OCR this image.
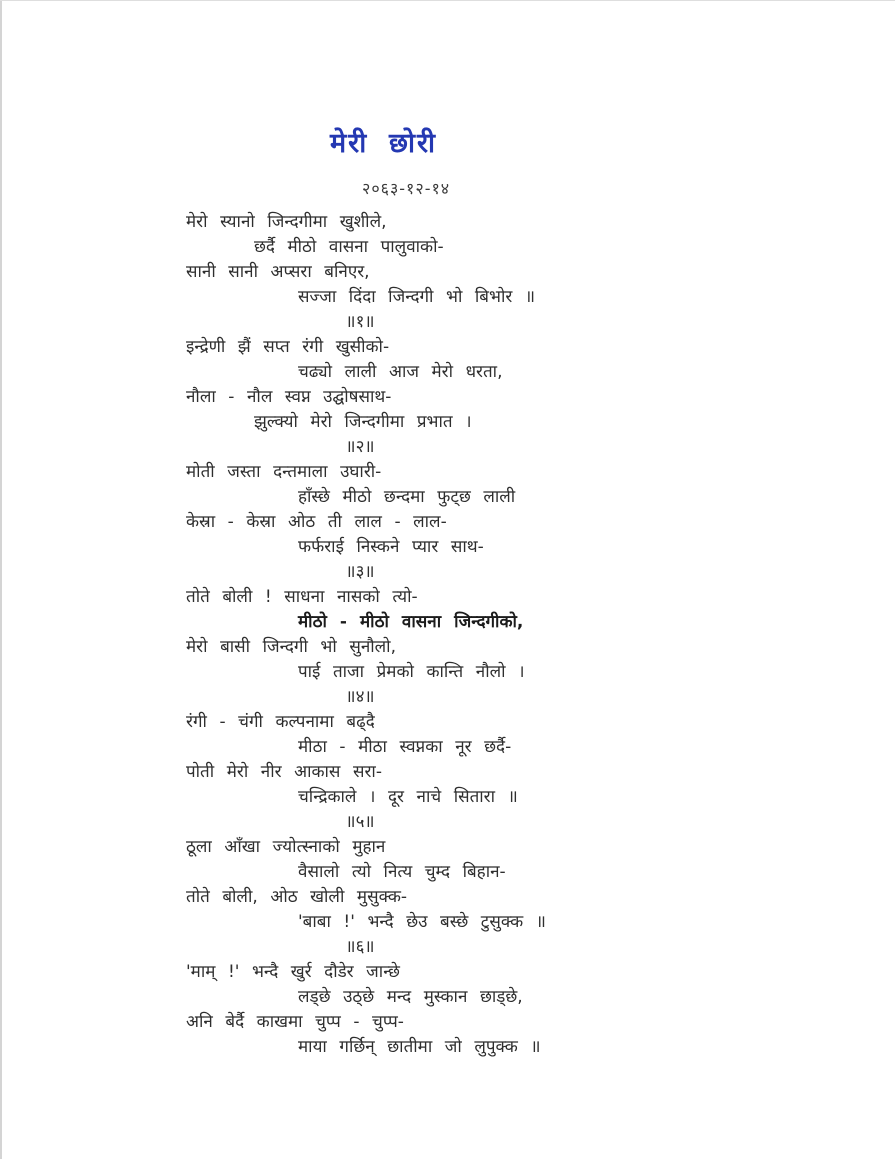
मेरी छोरी
२०६३-१२-१४
मेरो स्यानो जिन्दगीमा खुशीले,
छर्दै मीठो वासना पालुवाको-
सानी सानी अप्सरा बनिएर,
सज्जा दिंदा जिन्दगी भो बिभोर ॥
॥१॥
इन्द्रेणी झैं सप्त रंगी खुसीको-
चढ्यो लाली आज मेरो धरता,
नौला - नौल स्वप्न उद्घोषसाथ-
झुल्क्यो मेरो जिन्दगीमा प्रभात ।
॥२॥
मोती जस्ता दन्तमाला उघारी-
हाँस्छे मीठो छन्दमा फुट्छ लाली
केस्रा - केस्रा ओठ ती लाल - लाल-
फर्फराई निस्कने प्यार साथ-
॥३॥
तोते बोली ! साधना नासको त्यो-
मीठो - मीठो वासना जिन्दगीको,
मेरो बासी जिन्दगी भो सुनौलो,
पाई ताजा प्रेमको कान्ति नौलो ।
॥४॥
रंगी - चंगी कल्पनामा बढ्दै
मीठा - मीठा स्वप्नका नूर छर्दै-
पोती मेरो नीर आकास सरा-
चन्द्रिकाले । दूर नाचे सितारा ॥
॥५॥
ठूला आँखा ज्योत्स्नाको मुहान
वैसालो त्यो नित्य चुम्द बिहान-
तोते बोली, ओठ खोली मुसुक्क-
'बाबा !' भन्दै छेउ बस्छे टुसुक्क ॥
॥६॥
'माम् !' भन्दै खुर्र दौडेर जान्छे
लड्छे उठ्छे मन्द मुस्कान छाड्छे,
अनि बेर्दै काखमा चुप्प - चुप्प-
माया गर्छिन् छातीमा जो लुपुक्क ॥
